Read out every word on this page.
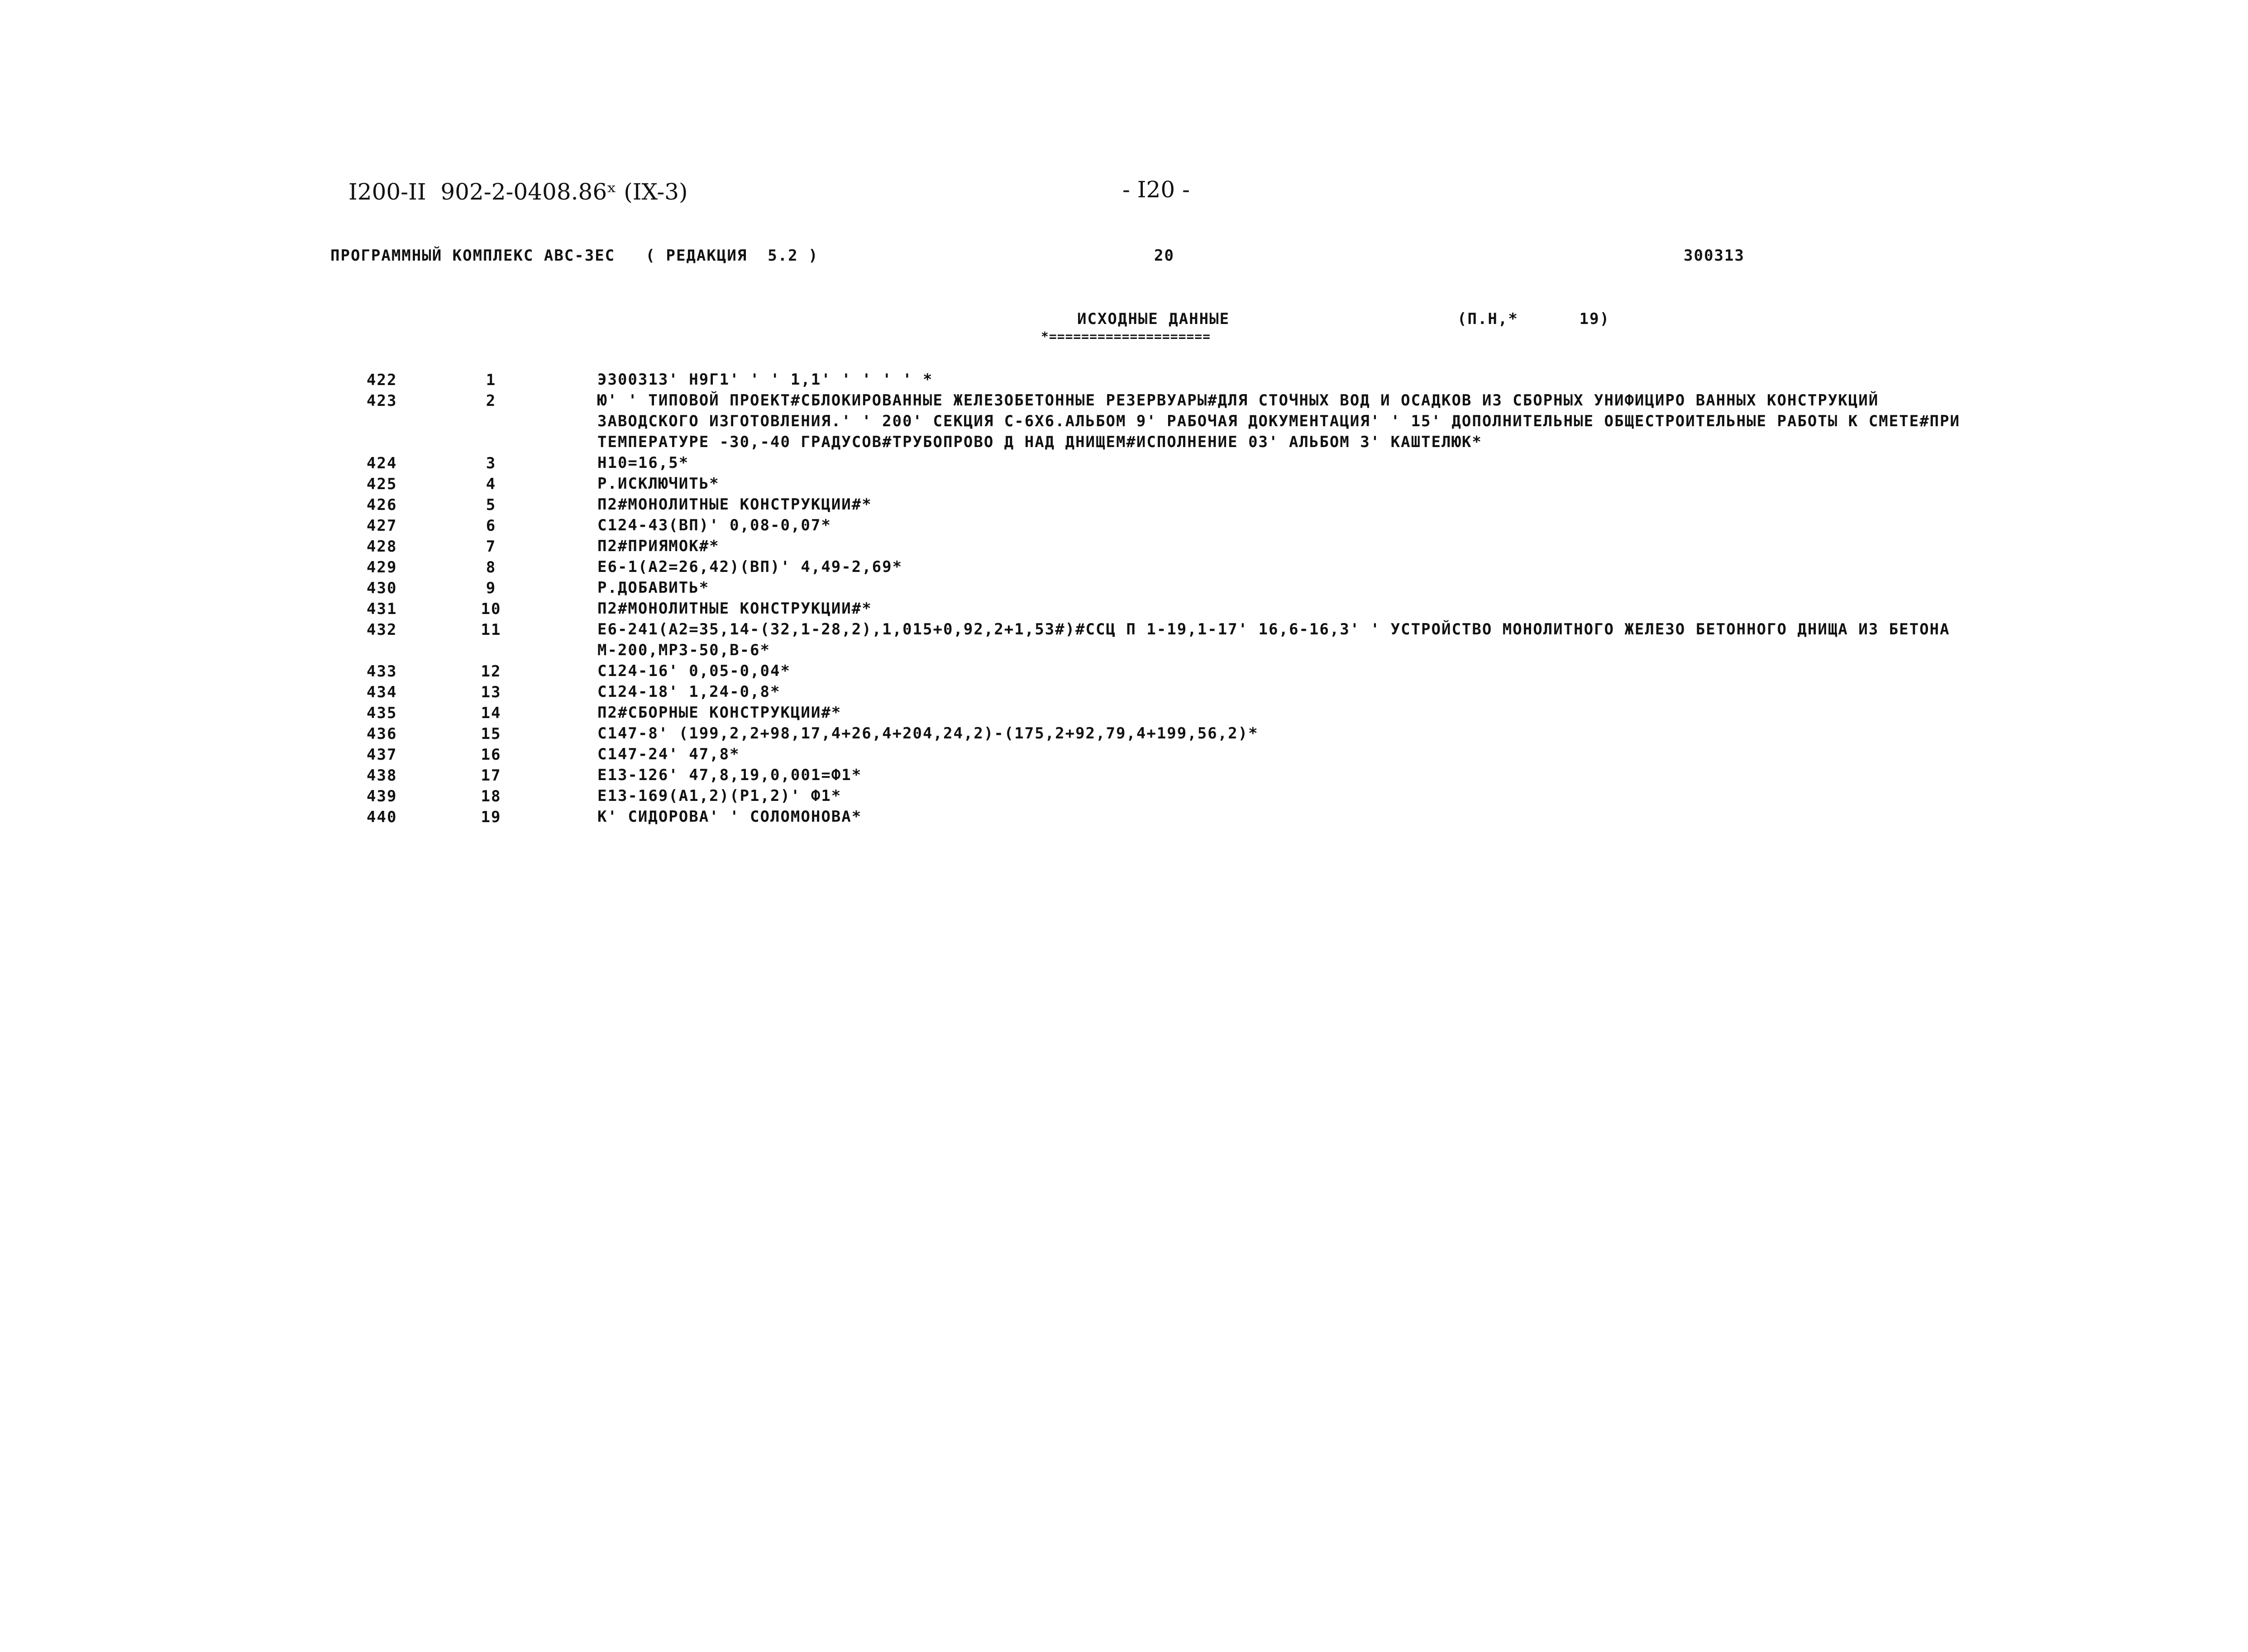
I200-II  902-2-0408.86ˣ (IX-3)	- I20 -
ПРОГРАММНЫЙ КОМПЛЕКС АВС-ЗЕС   ( РЕДАКЦИЯ  5.2 )	20	300313
ИСХОДНЫЕ ДАННЫЕ	(П.Н,*      19)
*====================
422	1	Э300313' Н9Г1' ' ' 1,1' ' ' ' ' *
423	2	Ю' ' ТИПОВОЙ ПРОЕКТ#СБЛОКИРОВАННЫЕ ЖЕЛЕЗОБЕТОННЫЕ РЕЗЕРВУАРЫ#ДЛЯ СТОЧНЫХ ВОД И ОСАДКОВ ИЗ СБОРНЫХ УНИФИЦИРО ВАННЫХ КОНСТРУКЦИЙ ЗАВОДСКОГО ИЗГОТОВЛЕНИЯ.' ' 200' СЕКЦИЯ С-6Х6.АЛЬБОМ 9' РАБОЧАЯ ДОКУМЕНТАЦИЯ' ' 15' ДОПОЛНИТЕЛЬНЫЕ ОБЩЕСТРОИТЕЛЬНЫЕ РАБОТЫ К СМЕТЕ#ПРИ ТЕМПЕРАТУРЕ -30,-40 ГРАДУСОВ#ТРУБОПРОВО Д НАД ДНИЩЕМ#ИСПОЛНЕНИЕ 03' АЛЬБОМ 3' КАШТЕЛЮК*
424	3	Н10=16,5*
425	4	Р.ИСКЛЮЧИТЬ*
426	5	П2#МОНОЛИТНЫЕ КОНСТРУКЦИИ#*
427	6	С124-43(ВП)' 0,08-0,07*
428	7	П2#ПРИЯМОК#*
429	8	Е6-1(А2=26,42)(ВП)' 4,49-2,69*
430	9	Р.ДОБАВИТЬ*
431	10	П2#МОНОЛИТНЫЕ КОНСТРУКЦИИ#*
432	11	Е6-241(А2=35,14-(32,1-28,2),1,015+0,92,2+1,53#)#ССЦ П 1-19,1-17' 16,6-16,3' ' УСТРОЙСТВО МОНОЛИТНОГО ЖЕЛЕЗО БЕТОННОГО ДНИЩА ИЗ БЕТОНА М-200,МРЗ-50,В-6*
433	12	С124-16' 0,05-0,04*
434	13	С124-18' 1,24-0,8*
435	14	П2#СБОРНЫЕ КОНСТРУКЦИИ#*
436	15	С147-8' (199,2,2+98,17,4+26,4+204,24,2)-(175,2+92,79,4+199,56,2)*
437	16	С147-24' 47,8*
438	17	Е13-126' 47,8,19,0,001=Ф1*
439	18	Е13-169(А1,2)(Р1,2)' Ф1*
440	19	К' СИДОРОВА' ' СОЛОМОНОВА*
